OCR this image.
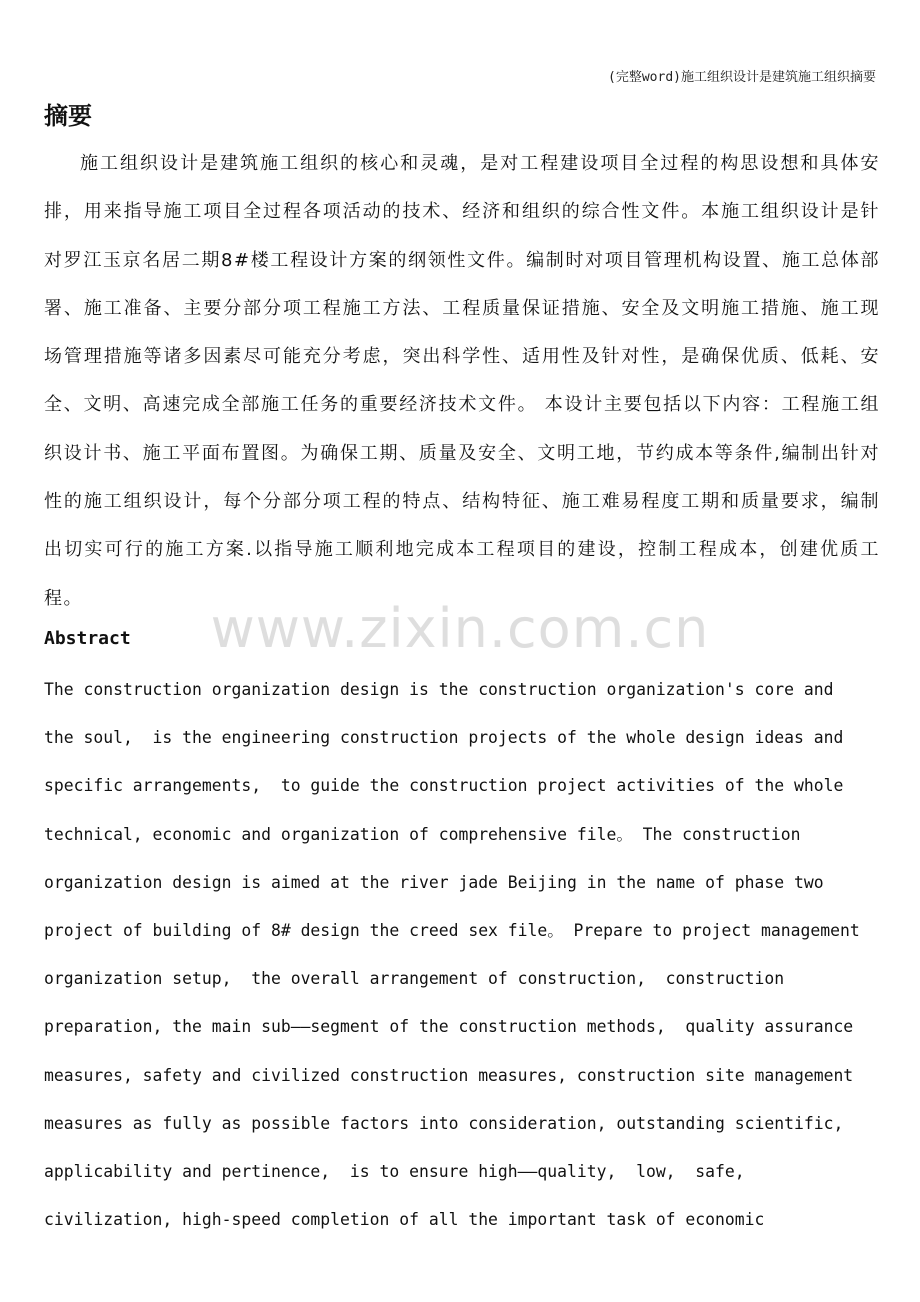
(完整word)施工组织设计是建筑施工组织摘要
摘要

施工组织设计是建筑施工组织的核心和灵魂，是对工程建设项目全过程的构思设想和具体安排，用来指导施工项目全过程各项活动的技术、经济和组织的综合性文件。本施工组织设计是针对罗江玉京名居二期8#楼工程设计方案的纲领性文件。编制时对项目管理机构设置、施工总体部署、施工准备、主要分部分项工程施工方法、工程质量保证措施、安全及文明施工措施、施工现场管理措施等诸多因素尽可能充分考虑，突出科学性、适用性及针对性，是确保优质、低耗、安全、文明、高速完成全部施工任务的重要经济技术文件。 本设计主要包括以下内容：工程施工组织设计书、施工平面布置图。为确保工期、质量及安全、文明工地，节约成本等条件,编制出针对性的施工组织设计，每个分部分项工程的特点、结构特征、施工难易程度工期和质量要求，编制出切实可行的施工方案.以指导施工顺利地完成本工程项目的建设，控制工程成本，创建优质工程。

Abstract
The construction organization design is the construction organization's core and
the soul,  is the engineering construction projects of the whole design ideas and
specific arrangements,  to guide the construction project activities of the whole
technical, economic and organization of comprehensive file。 The construction
organization design is aimed at the river jade Beijing in the name of phase two
project of building of 8# design the creed sex file。 Prepare to project management
organization setup,  the overall arrangement of construction,  construction
preparation, the main sub——segment of the construction methods,  quality assurance
measures, safety and civilized construction measures, construction site management
measures as fully as possible factors into consideration, outstanding scientific,
applicability and pertinence,  is to ensure high——quality,  low,  safe,
civilization, high-speed completion of all the important task of economic
www.zixin.com.cn
